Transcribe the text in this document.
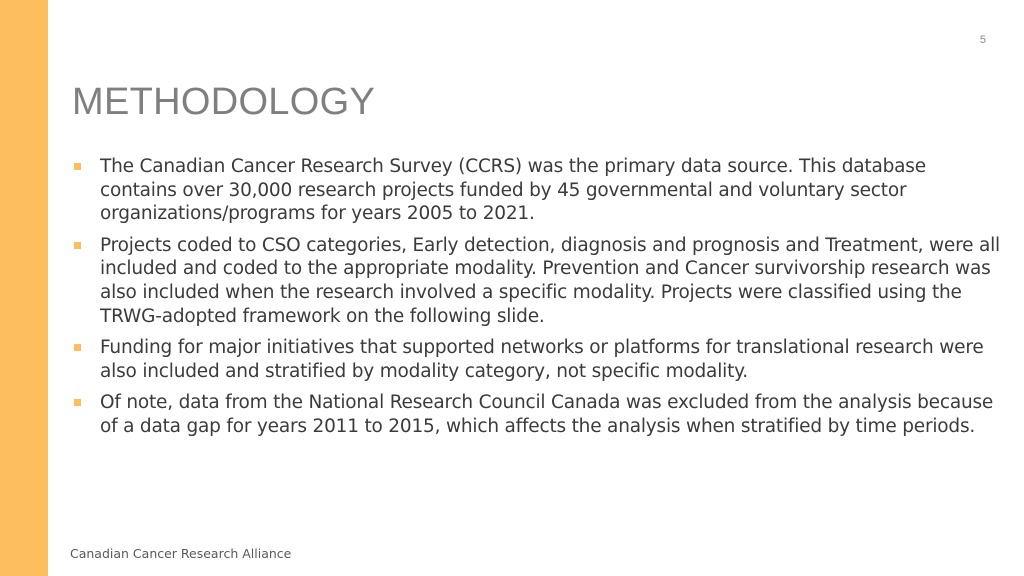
5
METHODOLOGY
The Canadian Cancer Research Survey (CCRS) was the primary data source. This database contains over 30,000 research projects funded by 45 governmental and voluntary sector organizations/programs for years 2005 to 2021.
Projects coded to CSO categories, Early detection, diagnosis and prognosis and Treatment, were all included and coded to the appropriate modality. Prevention and Cancer survivorship research was also included when the research involved a specific modality. Projects were classified using the TRWG-adopted framework on the following slide.
Funding for major initiatives that supported networks or platforms for translational research were also included and stratified by modality category, not specific modality.
Of note, data from the National Research Council Canada was excluded from the analysis because of a data gap for years 2011 to 2015, which affects the analysis when stratified by time periods.
Canadian Cancer Research Alliance
